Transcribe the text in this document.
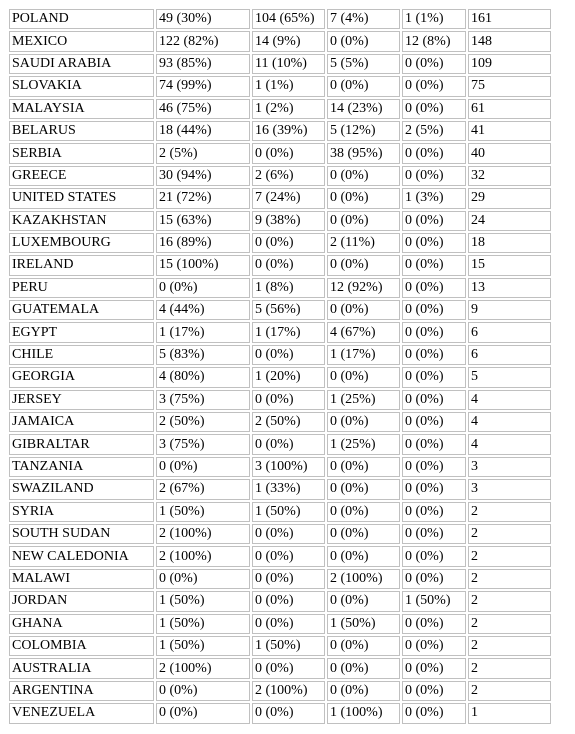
POLAND	49 (30%)	104 (65%)	7 (4%)	1 (1%)	161
MEXICO	122 (82%)	14 (9%)	0 (0%)	12 (8%)	148
SAUDI ARABIA	93 (85%)	11 (10%)	5 (5%)	0 (0%)	109
SLOVAKIA	74 (99%)	1 (1%)	0 (0%)	0 (0%)	75
MALAYSIA	46 (75%)	1 (2%)	14 (23%)	0 (0%)	61
BELARUS	18 (44%)	16 (39%)	5 (12%)	2 (5%)	41
SERBIA	2 (5%)	0 (0%)	38 (95%)	0 (0%)	40
GREECE	30 (94%)	2 (6%)	0 (0%)	0 (0%)	32
UNITED STATES	21 (72%)	7 (24%)	0 (0%)	1 (3%)	29
KAZAKHSTAN	15 (63%)	9 (38%)	0 (0%)	0 (0%)	24
LUXEMBOURG	16 (89%)	0 (0%)	2 (11%)	0 (0%)	18
IRELAND	15 (100%)	0 (0%)	0 (0%)	0 (0%)	15
PERU	0 (0%)	1 (8%)	12 (92%)	0 (0%)	13
GUATEMALA	4 (44%)	5 (56%)	0 (0%)	0 (0%)	9
EGYPT	1 (17%)	1 (17%)	4 (67%)	0 (0%)	6
CHILE	5 (83%)	0 (0%)	1 (17%)	0 (0%)	6
GEORGIA	4 (80%)	1 (20%)	0 (0%)	0 (0%)	5
JERSEY	3 (75%)	0 (0%)	1 (25%)	0 (0%)	4
JAMAICA	2 (50%)	2 (50%)	0 (0%)	0 (0%)	4
GIBRALTAR	3 (75%)	0 (0%)	1 (25%)	0 (0%)	4
TANZANIA	0 (0%)	3 (100%)	0 (0%)	0 (0%)	3
SWAZILAND	2 (67%)	1 (33%)	0 (0%)	0 (0%)	3
SYRIA	1 (50%)	1 (50%)	0 (0%)	0 (0%)	2
SOUTH SUDAN	2 (100%)	0 (0%)	0 (0%)	0 (0%)	2
NEW CALEDONIA	2 (100%)	0 (0%)	0 (0%)	0 (0%)	2
MALAWI	0 (0%)	0 (0%)	2 (100%)	0 (0%)	2
JORDAN	1 (50%)	0 (0%)	0 (0%)	1 (50%)	2
GHANA	1 (50%)	0 (0%)	1 (50%)	0 (0%)	2
COLOMBIA	1 (50%)	1 (50%)	0 (0%)	0 (0%)	2
AUSTRALIA	2 (100%)	0 (0%)	0 (0%)	0 (0%)	2
ARGENTINA	0 (0%)	2 (100%)	0 (0%)	0 (0%)	2
VENEZUELA	0 (0%)	0 (0%)	1 (100%)	0 (0%)	1
